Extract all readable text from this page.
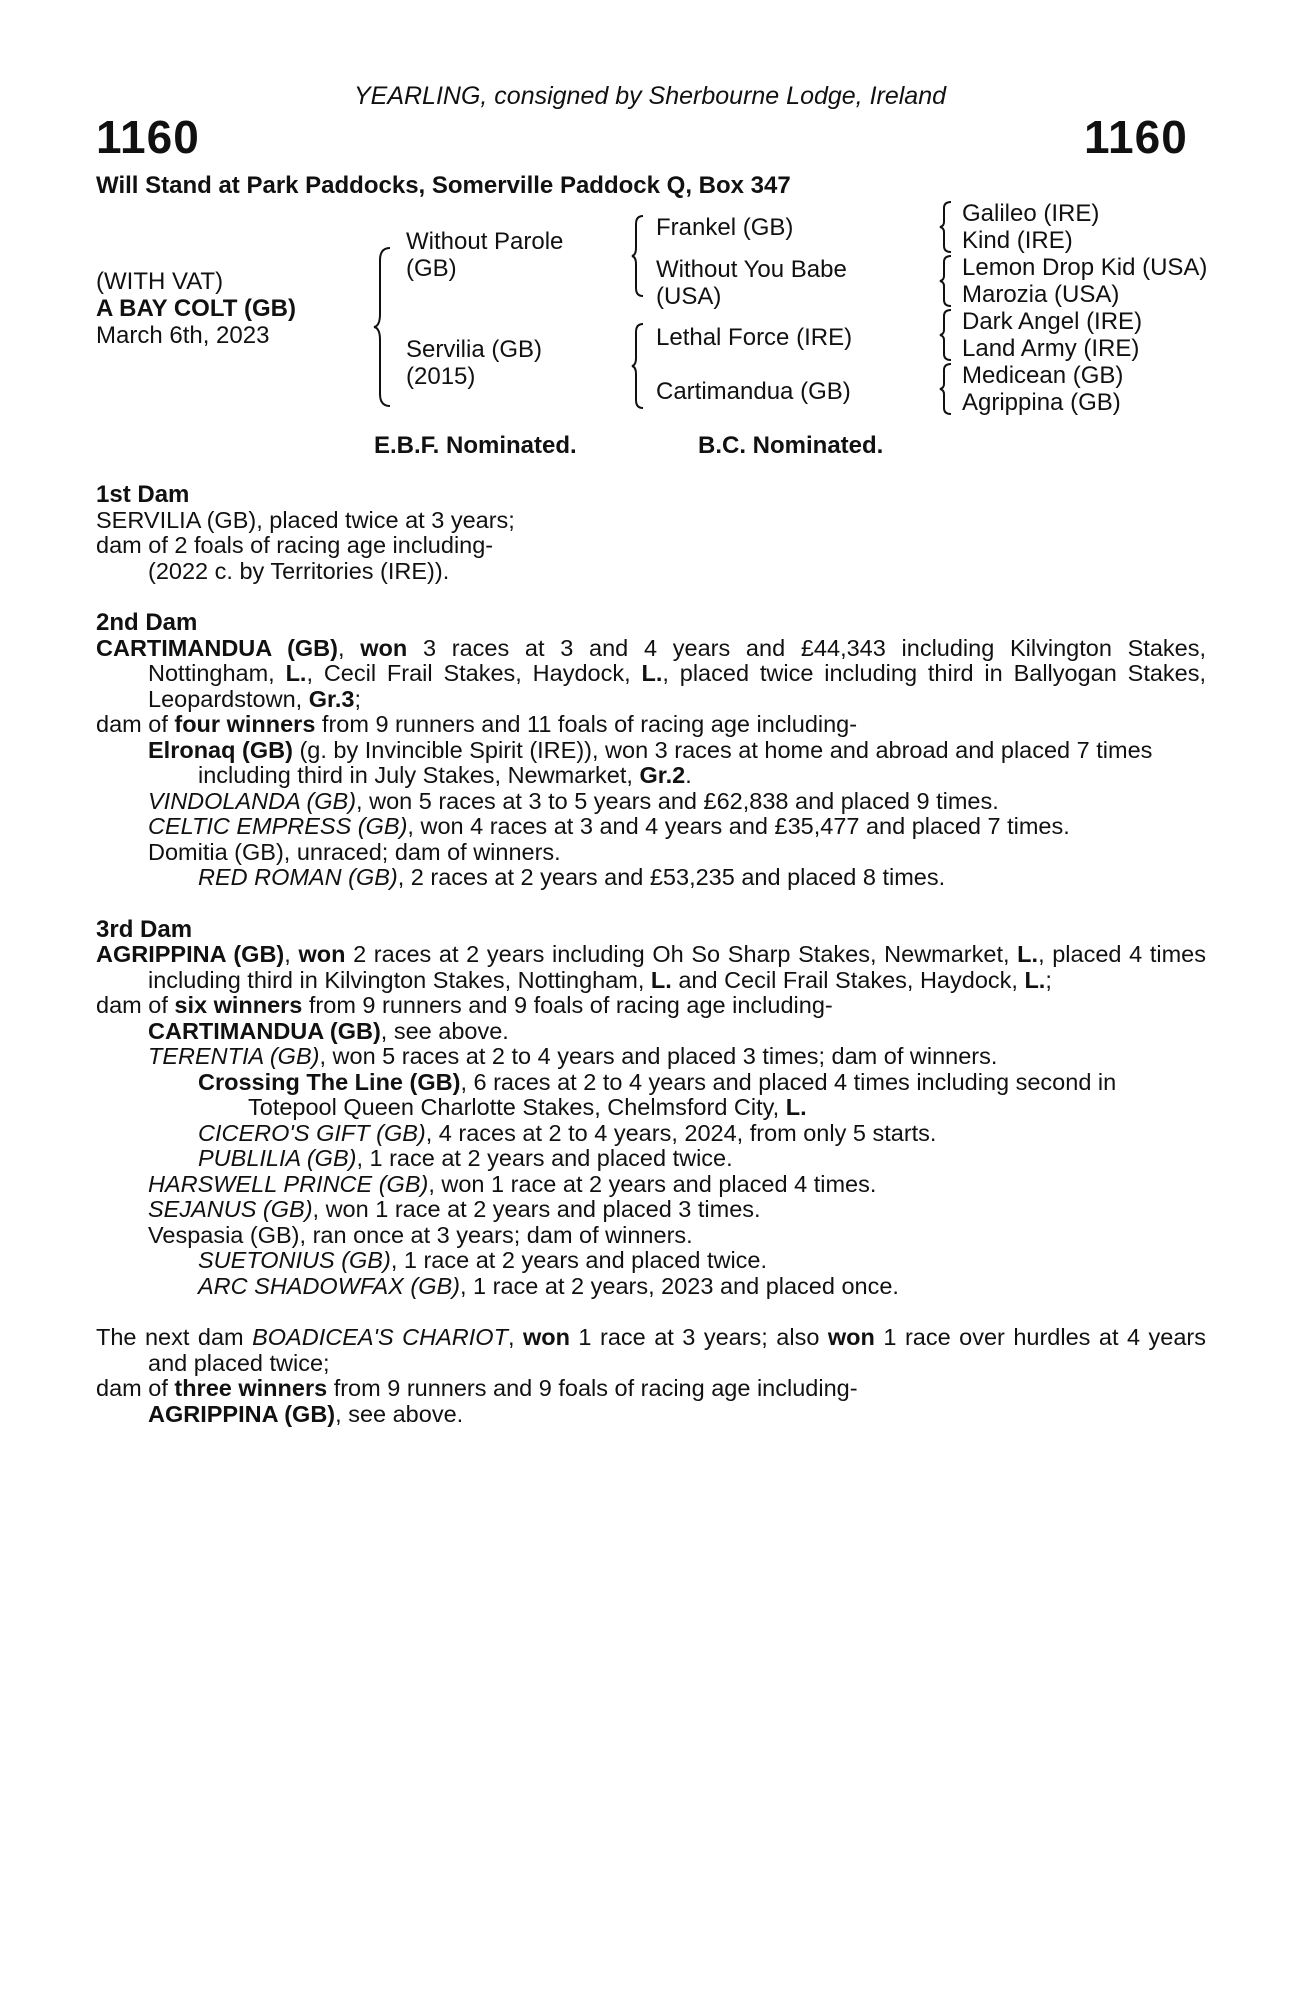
YEARLING, consigned by Sherbourne Lodge, Ireland
1160	1160
Will Stand at Park Paddocks, Somerville Paddock Q, Box 347
(WITH VAT)
A BAY COLT (GB)
March 6th, 2023
Without Parole
(GB)
Servilia (GB)
(2015)
Frankel (GB)
Without You Babe
(USA)
Lethal Force (IRE)
Cartimandua (GB)
Galileo (IRE)
Kind (IRE)
Lemon Drop Kid (USA)
Marozia (USA)
Dark Angel (IRE)
Land Army (IRE)
Medicean (GB)
Agrippina (GB)
E.B.F. Nominated.	B.C. Nominated.

1st Dam

SERVILIA (GB), placed twice at 3 years;

dam of 2 foals of racing age including-

(2022 c. by Territories (IRE)).

2nd Dam

CARTIMANDUA (GB), won 3 races at 3 and 4 years and £44,343 including Kilvington Stakes, Nottingham, L., Cecil Frail Stakes, Haydock, L., placed twice including third in Ballyogan Stakes, Leopardstown, Gr.3;

dam of four winners from 9 runners and 11 foals of racing age including-

Elronaq (GB) (g. by Invincible Spirit (IRE)), won 3 races at home and abroad and placed 7 times including third in July Stakes, Newmarket, Gr.2.

VINDOLANDA (GB), won 5 races at 3 to 5 years and £62,838 and placed 9 times.

CELTIC EMPRESS (GB), won 4 races at 3 and 4 years and £35,477 and placed 7 times.

Domitia (GB), unraced; dam of winners.

RED ROMAN (GB), 2 races at 2 years and £53,235 and placed 8 times.

3rd Dam

AGRIPPINA (GB), won 2 races at 2 years including Oh So Sharp Stakes, Newmarket, L., placed 4 times including third in Kilvington Stakes, Nottingham, L. and Cecil Frail Stakes, Haydock, L.;

dam of six winners from 9 runners and 9 foals of racing age including-

CARTIMANDUA (GB), see above.

TERENTIA (GB), won 5 races at 2 to 4 years and placed 3 times; dam of winners.

Crossing The Line (GB), 6 races at 2 to 4 years and placed 4 times including second in Totepool Queen Charlotte Stakes, Chelmsford City, L.

CICERO'S GIFT (GB), 4 races at 2 to 4 years, 2024, from only 5 starts.

PUBLILIA (GB), 1 race at 2 years and placed twice.

HARSWELL PRINCE (GB), won 1 race at 2 years and placed 4 times.

SEJANUS (GB), won 1 race at 2 years and placed 3 times.

Vespasia (GB), ran once at 3 years; dam of winners.

SUETONIUS (GB), 1 race at 2 years and placed twice.

ARC SHADOWFAX (GB), 1 race at 2 years, 2023 and placed once.

The next dam BOADICEA'S CHARIOT, won 1 race at 3 years; also won 1 race over hurdles at 4 years and placed twice;

dam of three winners from 9 runners and 9 foals of racing age including-

AGRIPPINA (GB), see above.
